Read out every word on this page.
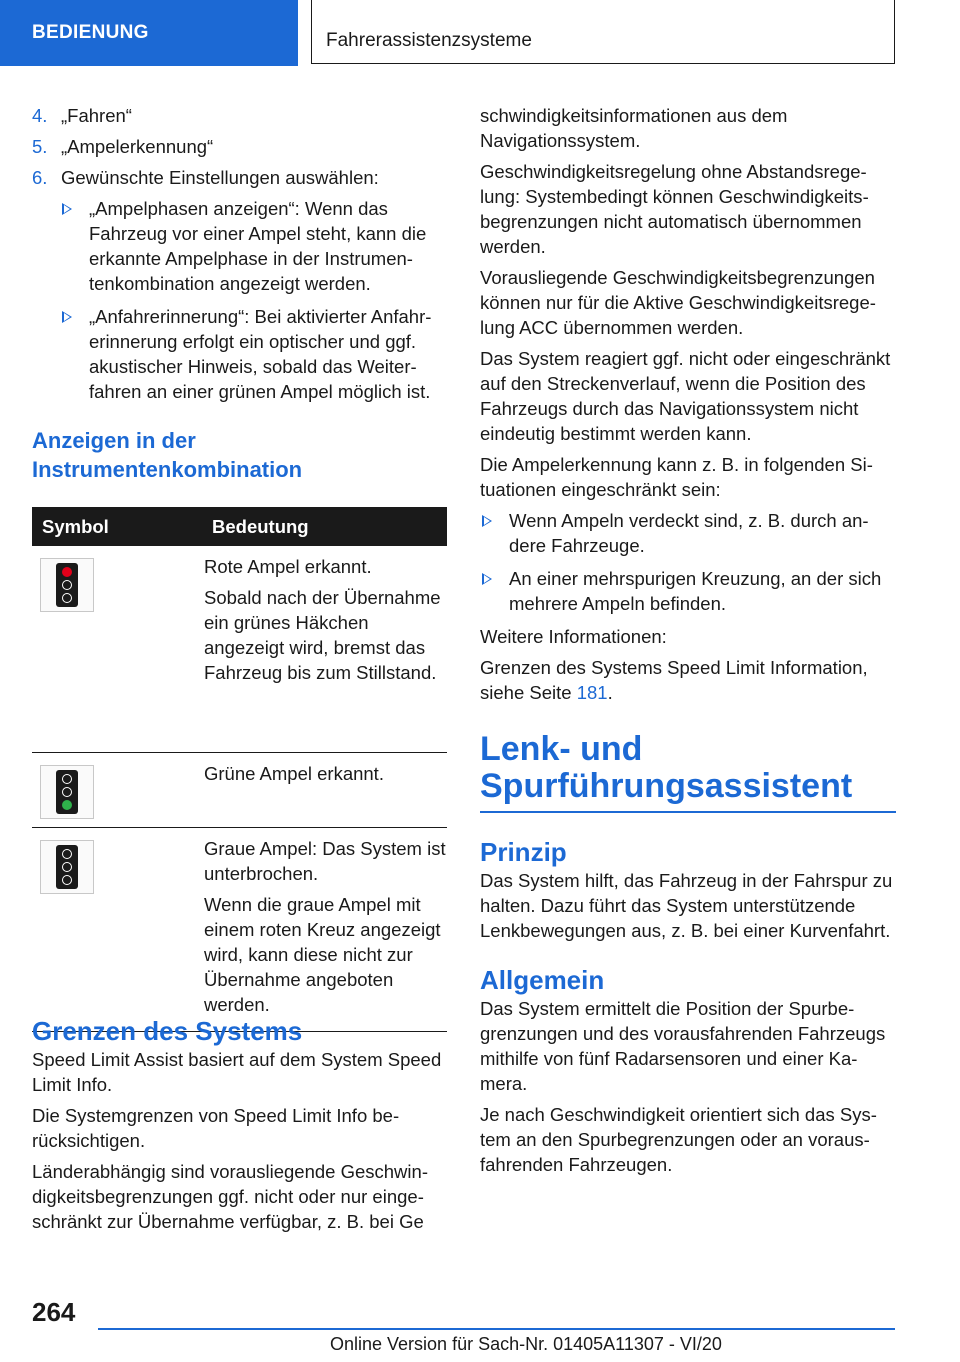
BEDIENUNG	Fahrerassistenzsysteme
4. „Fahren“
5. „Ampelerkennung“
6. Gewünschte Einstellungen auswählen:
„Ampelphasen anzeigen“: Wenn das Fahrzeug vor einer Ampel steht, kann die erkannte Ampelphase in der Instrumentenkombination angezeigt werden.
„Anfahrerinnerung“: Bei aktivierter Anfahrerinnerung erfolgt ein optischer und ggf. akustischer Hinweis, sobald das Weiterfahren an einer grünen Ampel möglich ist.
Anzeigen in der
Instrumentenkombination
Symbol	Bedeutung

	Rote Ampel erkannt.

Sobald nach der Übernahme ein grünes Häkchen angezeigt wird, bremst das Fahrzeug bis zum Stillstand.

	Grüne Ampel erkannt.

	Graue Ampel: Das System ist unterbrochen.

Wenn die graue Ampel mit einem roten Kreuz angezeigt wird, kann diese nicht zur Übernahme angeboten werden.

Grenzen des Systems

Speed Limit Assist basiert auf dem System Speed Limit Info.

Die Systemgrenzen von Speed Limit Info berücksichtigen.

Länderabhängig sind vorausliegende Geschwindigkeitsbegrenzungen ggf. nicht oder nur eingeschränkt zur Übernahme verfügbar, z. B. bei Ge

schwindigkeitsinformationen aus dem Navigationssystem.

Geschwindigkeitsregelung ohne Abstandsregelung: Systembedingt können Geschwindigkeitsbegrenzungen nicht automatisch übernommen werden.

Vorausliegende Geschwindigkeitsbegrenzungen können nur für die Aktive Geschwindigkeitsregelung ACC übernommen werden.

Das System reagiert ggf. nicht oder eingeschränkt auf den Streckenverlauf, wenn die Position des Fahrzeugs durch das Navigationssystem nicht eindeutig bestimmt werden kann.

Die Ampelerkennung kann z. B. in folgenden Situationen eingeschränkt sein:

Wenn Ampeln verdeckt sind, z. B. durch andere Fahrzeuge.
An einer mehrspurigen Kreuzung, an der sich mehrere Ampeln befinden.

Weitere Informationen:

Grenzen des Systems Speed Limit Information, siehe Seite 181.

Lenk- und
Spurführungsassistent
Prinzip

Das System hilft, das Fahrzeug in der Fahrspur zu halten. Dazu führt das System unterstützende Lenkbewegungen aus, z. B. bei einer Kurvenfahrt.

Allgemein

Das System ermittelt die Position der Spurbegrenzungen und des vorausfahrenden Fahrzeugs mithilfe von fünf Radarsensoren und einer Kamera.

Je nach Geschwindigkeit orientiert sich das System an den Spurbegrenzungen oder an vorausfahrenden Fahrzeugen.

264
Online Version für Sach-Nr. 01405A11307 - VI/20
